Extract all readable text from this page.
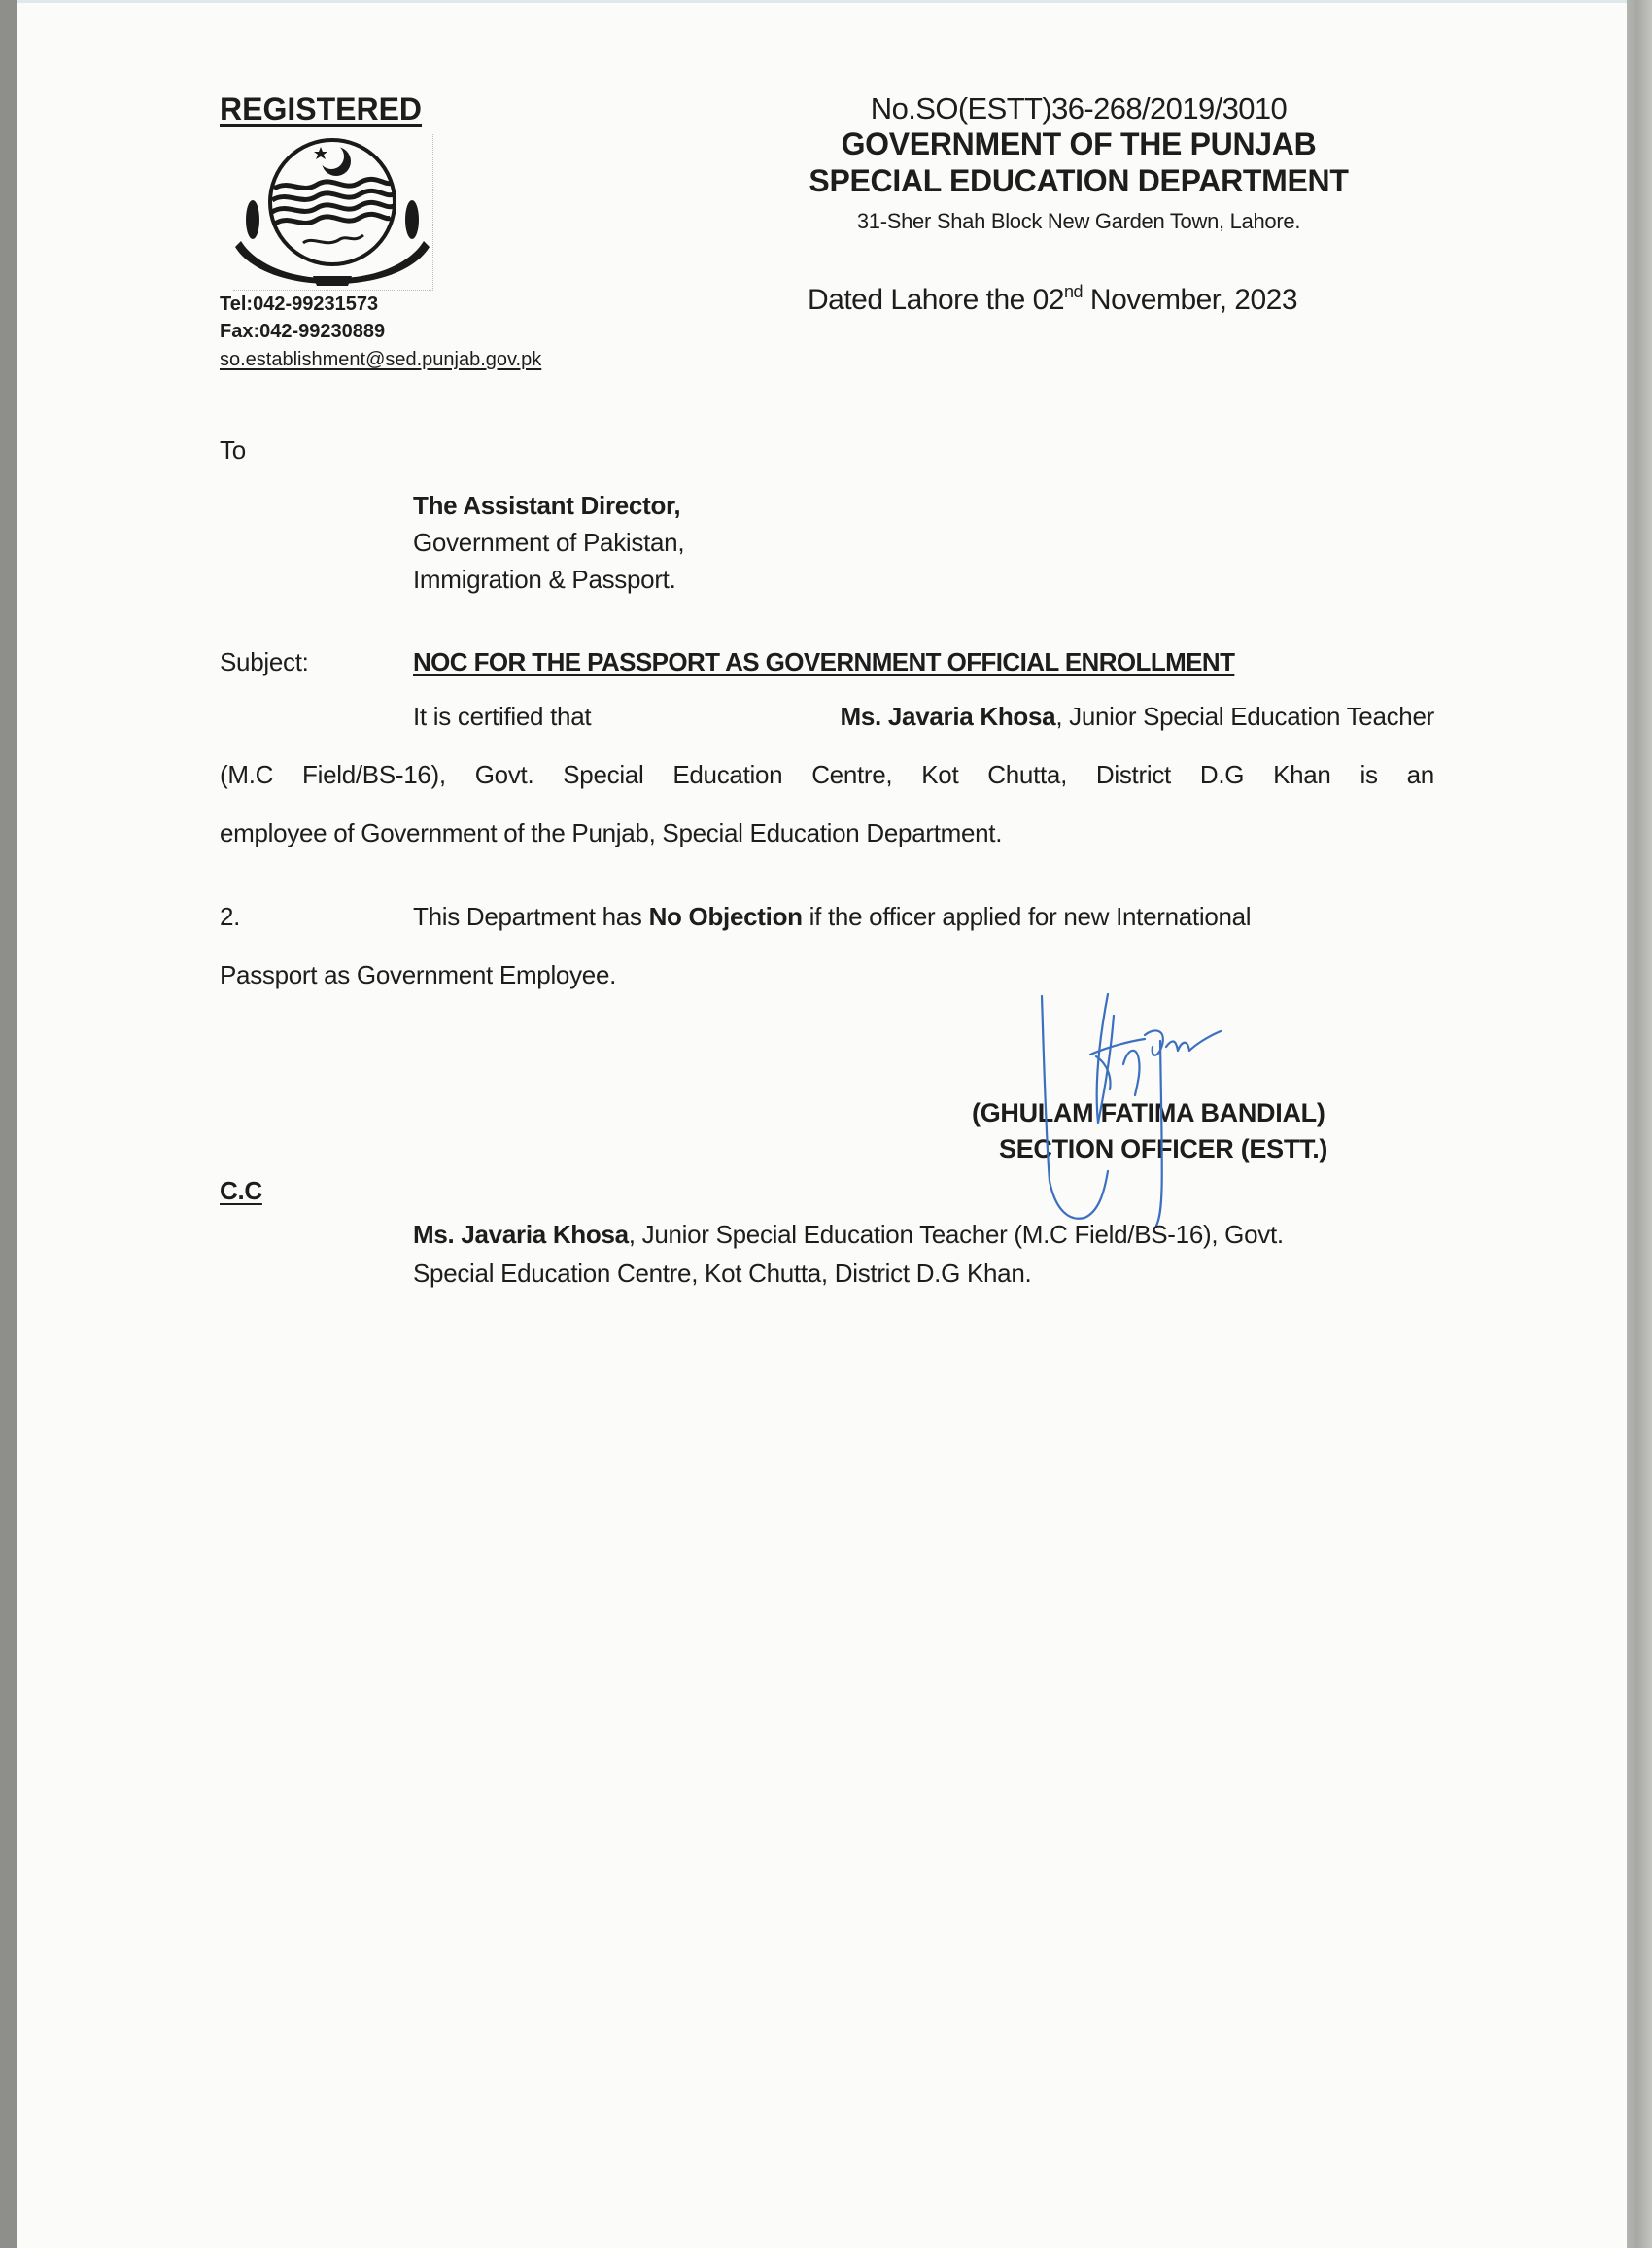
REGISTERED
Tel:042-99231573
Fax:042-99230889
so.establishment@sed.punjab.gov.pk
No.SO(ESTT)36-268/2019/3010
GOVERNMENT OF THE PUNJAB
SPECIAL EDUCATION DEPARTMENT
31-Sher Shah Block New Garden Town, Lahore.
Dated Lahore the 02nd November, 2023
To
The Assistant Director,
Government of Pakistan,
Immigration & Passport.
Subject:	NOC FOR THE PASSPORT AS GOVERNMENT OFFICIAL ENROLLMENT
It is certified that	Ms. Javaria Khosa, Junior Special Education Teacher
(M.C Field/BS-16), Govt. Special Education Centre, Kot Chutta, District D.G Khan is an
employee of Government of the Punjab, Special Education Department.
2.	This Department has No Objection if the officer applied for new International
Passport as Government Employee.
(GHULAM FATIMA BANDIAL)
SECTION OFFICER (ESTT.)
C.C
Ms. Javaria Khosa, Junior Special Education Teacher (M.C Field/BS-16), Govt.
Special Education Centre, Kot Chutta, District D.G Khan.
